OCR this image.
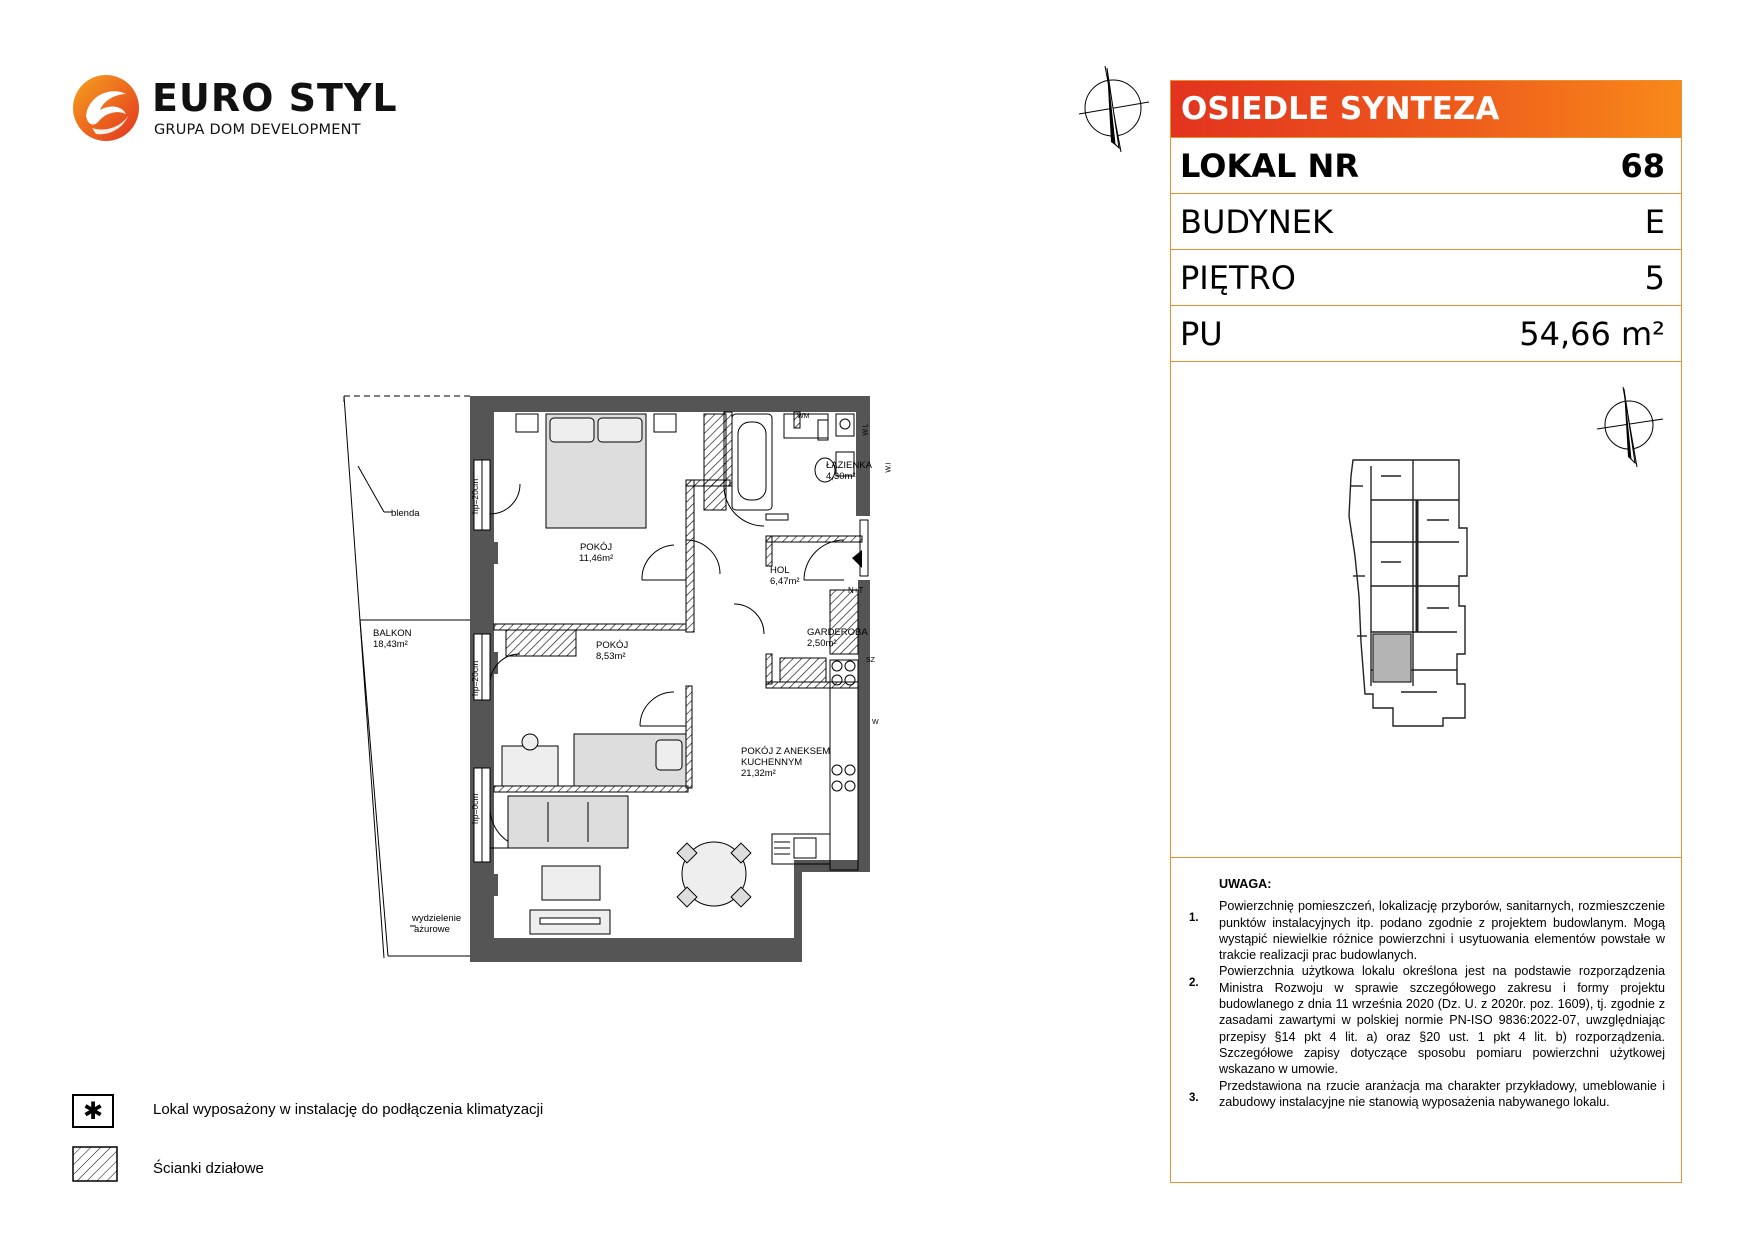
EURO STYL
GRUPA DOM DEVELOPMENT
OSIEDLE SYNTEZA
LOKAL NR	68
BUDYNEK	E
PIĘTRO	5
PU	54,66 m²
UWAGA:
1.
Powierzchnię pomieszczeń, lokalizację przyborów, sanitarnych, rozmieszczenie punktów instalacyjnych itp. podano zgodnie z projektem budowlanym. Mogą wystąpić niewielkie różnice powierzchni i usytuowania elementów powstałe w trakcie realizacji prac budowlanych.
2.
Powierzchnia użytkowa lokalu określona jest na podstawie rozporządzenia Ministra Rozwoju w sprawie szczegółowego zakresu i formy projektu budowlanego z dnia 11 września 2020 (Dz. U. z 2020r. poz. 1609), tj. zgodnie z zasadami zawartymi w polskiej normie PN-ISO 9836:2022-07, uwzględniając przepisy §14 pkt 4 lit. a) oraz §20 ust. 1 pkt 4 lit. b) rozporządzenia. Szczegółowe zapisy dotyczące sposobu pomiaru powierzchni użytkowej wskazano w umowie.
3.
Przedstawiona na rzucie aranżacja ma charakter przykładowy, umeblowanie i zabudowy instalacyjne nie stanowią wyposażenia nabywanego lokalu.
POKÓJ
11,46m²
ŁAZIENKA
4,30m²
HOL
6,47m²
POKÓJ
8,53m²
GARDEROBA
2,50m²
POKÓJ Z ANEKSEM
KUCHENNYM
21,32m²
BALKON
18,43m²
blenda
wydzielenie
ażurowe
hp=20cm
hp=20cm
hp=0cm
WM
W.L
W.I
N+T
W
SZ
✱	Lokal wyposażony w instalację do podłączenia klimatyzacji
Ścianki działowe
